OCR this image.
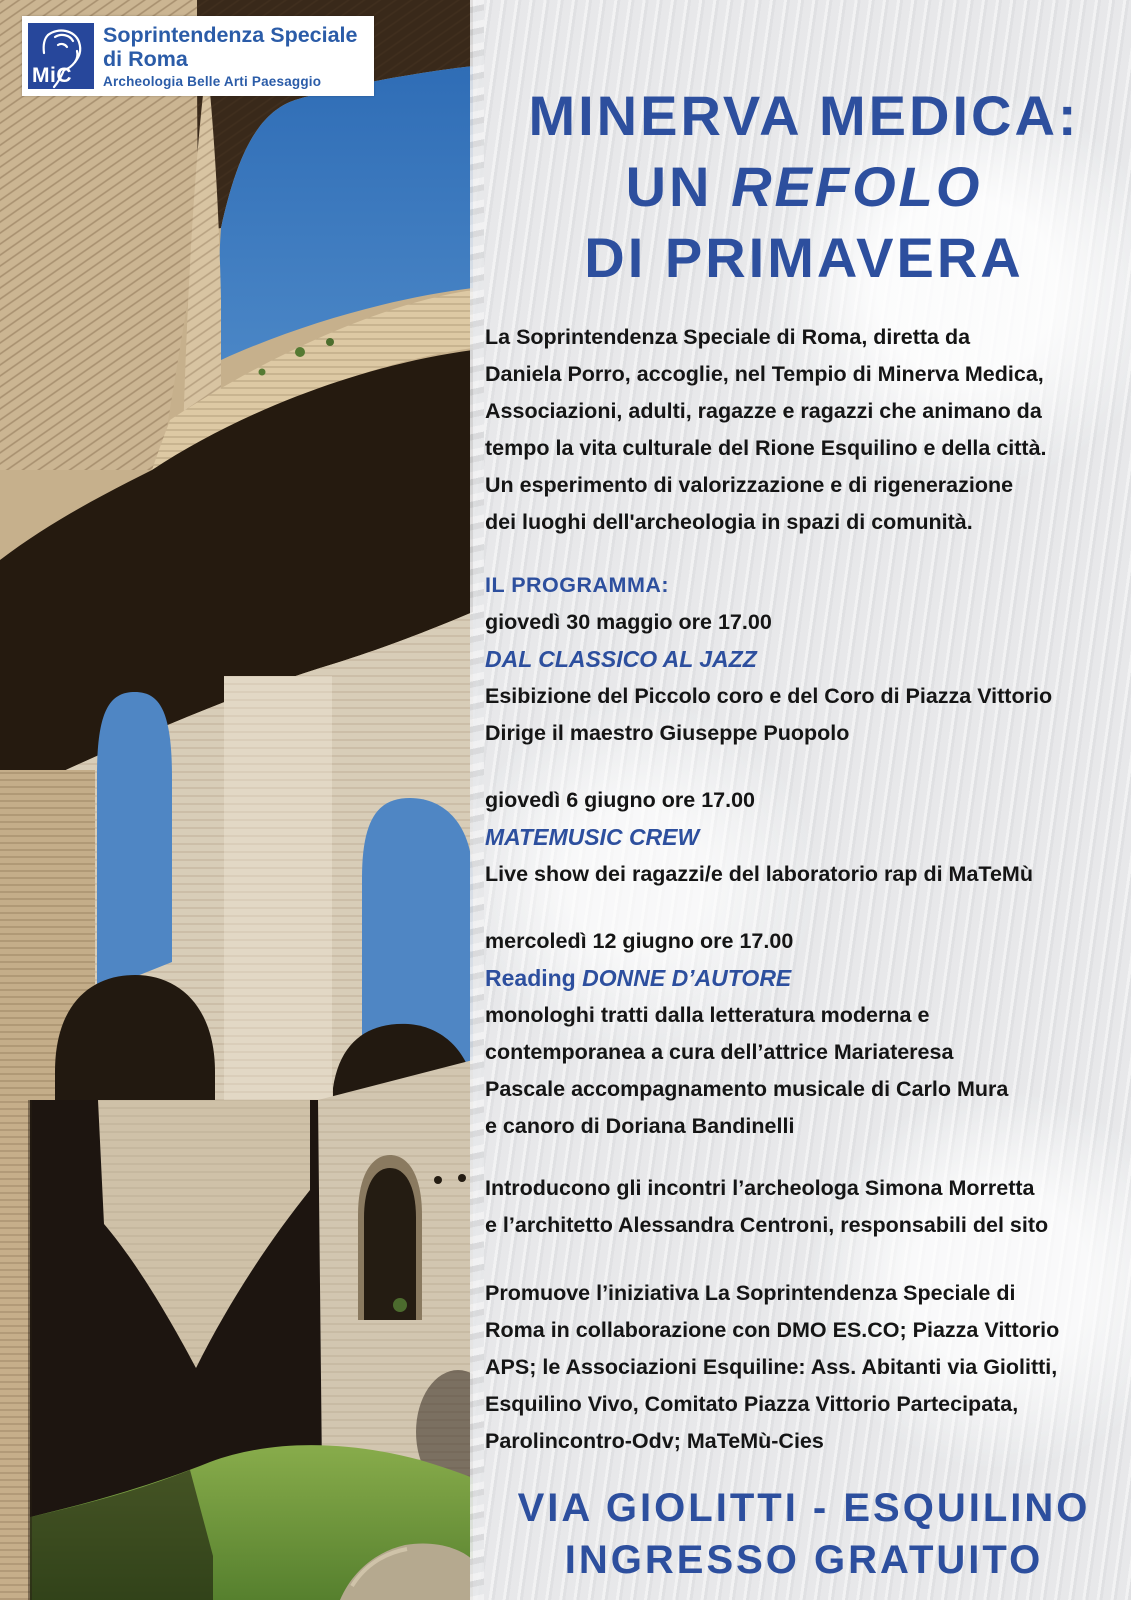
MiC
Soprintendenza Speciale
di Roma
Archeologia Belle Arti Paesaggio
MINERVA MEDICA:
UN REFOLO
DI PRIMAVERA
La Soprintendenza Speciale di Roma, diretta da
Daniela Porro, accoglie, nel Tempio di Minerva Medica,
Associazioni, adulti, ragazze e ragazzi che animano da
tempo la vita culturale del Rione Esquilino e della città.
Un esperimento di valorizzazione e di rigenerazione
dei luoghi dell'archeologia in spazi di comunità.
IL PROGRAMMA:
giovedì 30 maggio ore 17.00
DAL CLASSICO AL JAZZ
Esibizione del Piccolo coro e del Coro di Piazza Vittorio
Dirige il maestro Giuseppe Puopolo
giovedì 6 giugno ore 17.00
MATEMUSIC CREW
Live show dei ragazzi/e del laboratorio rap di MaTeMù
mercoledì 12 giugno ore 17.00
Reading DONNE D’AUTORE
monologhi tratti dalla letteratura moderna e
contemporanea a cura dell’attrice Mariateresa
Pascale accompagnamento musicale di Carlo Mura
e canoro di Doriana Bandinelli
Introducono gli incontri l’archeologa Simona Morretta
e l’architetto Alessandra Centroni, responsabili del sito
Promuove l’iniziativa La Soprintendenza Speciale di
Roma in collaborazione con DMO ES.CO; Piazza Vittorio
APS; le Associazioni Esquiline: Ass. Abitanti via Giolitti,
Esquilino Vivo, Comitato Piazza Vittorio Partecipata,
Parolincontro-Odv; MaTeMù-Cies
VIA GIOLITTI - ESQUILINO
INGRESSO GRATUITO
